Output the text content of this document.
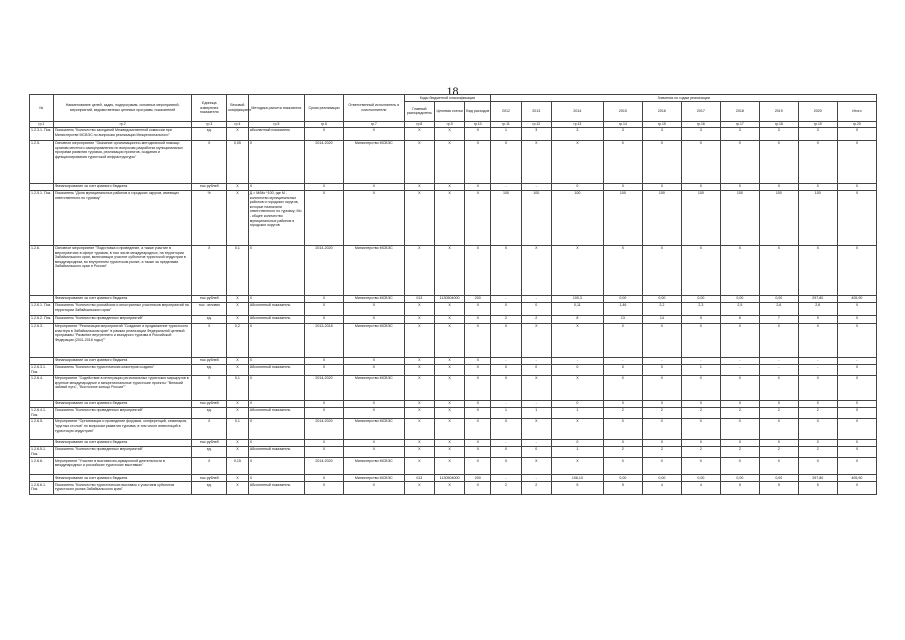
18
№	Наименование целей, задач, подпрограмм, основных мероприятий, мероприятий, ведомственных целевых программ, показателей	Единица измерения показателя	Весовой коэффициент	Методика расчета показателя	Сроки реализации	Ответственный исполнитель и соисполнители	Коды бюджетной классификации			Значения по годам реализации									
							Главный распорядитель	Целевая статья	Вид расходов	2012	2013	2014	2015	2016	2017	2018	2019	2020	Итого
гр.1	гр.2	гр.3	гр.4	гр.5	гр.6	гр.7	гр.8	гр.9	гр.10	гр.11	гр.12	гр.13	гр.14	гр.15	гр.16	гр.17	гр.18	гр.19	гр.20
1.2.3.1. Пок.	Показатель "Количество заседаний Межведомственной комиссии при Министерстве МСВЭС по вопросам реализации Межрегионального"	ед.	X	абсолютный показатель	X	X	X	X	X	1	3	3	3	3	3	3	3	3	X
1.2.5.	Основное мероприятие "Оказание организационно-методической помощи органам местного самоуправления по вопросам разработки муниципальных программ развития туризма, реализации проектов, создания и функционирования туристской инфраструктуры"	X	0,05	X	2014-2020	Министерство МСВЭС	X	X	X	X	X	X	X	X	X	X	X	X	X
	Финансирование за счет краевого бюджета	тыс.рублей	X	X	X	X	X	X	X	-	-	0	0	0	0	0	0	0	0
1.2.5.1. Пок.	Показатель "Доля муниципальных районов и городских округов, имеющих ответственного по туризму"	%	X	Д = M/Mо *100, где M - количество муниципальных районов и городских округов, которые назначили ответственного по туризму; Mо - общее количество муниципальных районов и городских округов	X	X	X	X	X	100	100	100	100	100	100	100	100	100	X
1.2.6.	Основное мероприятие "Подготовка и проведение, а также участие в мероприятиях в сфере туризма, в том числе международных, на территории Забайкальского края, включающих участие субъектов туристской индустрии в международном, во внутреннем туристском рынке, а также за пределами Забайкальского края и России"	X	0,1	X	2014-2020	Министерство МСВЭС	X	X	X	X	X	X	X	X	X	X	X	X	X
	Финансирование за счет краевого бюджета	тыс.рублей	X	X	X	Министерство МСВЭС	013	1130504000	200	-	-	100,3	0,00	0,00	0,00	0,00	0,00	297,80	405,90
1.2.6.1. Пок.	Показатель "Количество российских и иностранных участников мероприятий на территории Забайкальского края"	тыс. человек	X	Абсолютный показатель	X	X	X	X	X	0	0	0,11	1,46	2,2	2,3	2,5	2,6	2,6	X
1.2.6.2. Пок.	Показатель "Количество проведенных мероприятий"	ед.	X	Абсолютный показатель	X	X	X	X	X	2	2	8	13	14	5	6	7	9	X
1.2.6.3.	Мероприятие "Реализация мероприятий "Создание и продвижение туристского кластера в Забайкальском крае" в рамках реализации Федеральной целевой программы "Развитие внутреннего и въездного туризма в Российской Федерации (2011-2018 годы)""	X	0,2	X	2013-2018	Министерство МСВЭС	X	X	X	X	X	X	X	X	X	X	X	X	X
	Финансирование за счет краевого бюджета	тыс.рублей	X	X	X	X	X	X	X	-	-	-	-	-	-	-	-	-	-
1.2.6.3.1. Пок.	Показатель "Количество туристических кластеров создано"	ед.	X	Абсолютный показатель	X	X	X	X	X	0	0	0	0	0	1	-	-	-	X
1.2.6.4.	Мероприятие "Содействие в интеграции региональных туристских маршрутов в крупные международные и межрегиональные туристские проекты: "Великий чайный путь", "Восточное кольцо России""	X	0,1	X	2014-2020	Министерство МСВЭС	X	X	X	X	X	X	X	X	X	X	X	X	X
	Финансирование за счет краевого бюджета	тыс.рублей	X	X	X	X	X	X	X	-	-	0	0	0	0	0	0	0	0
1.2.6.4.1. Пок.	Показатель "Количество проведенных мероприятий"	ед.	X	Абсолютный показатель	X	X	X	X	X	1	1	1	2	2	2	2	2	2	X
1.2.6.5.	Мероприятие "Организация и проведение форумов, конференций, семинаров, "круглых столов" по вопросам развития туризма, в том числе инвестиций в туристскую индустрию"	X	0,1	X	2014-2020	Министерство МСВЭС	X	X	X	X	X	X	X	X	X	X	X	X	X
	Финансирование за счет краевого бюджета	тыс.рублей	X	X	X	X	X	X	X	-	-	0	0	0	0	0	0	0	0
1.2.6.5.1. Пок.	Показатель "Количество проведенных мероприятий"	ед.	X	Абсолютный показатель	X	X	X	X	X	0	0	1	2	2	2	2	2	2	X
1.2.6.6.	Мероприятие "Участие в выставочно-ярмарочной деятельности в международных и российских туристских выставках"	X	0,15	X	2014-2020	Министерство МСВЭС	X	X	X	X	X	X	X	X	X	X	X	X	X
	Финансирование за счет краевого бюджета	тыс.рублей	X	X	X	Министерство МСВЭС	013	1130504000	200	-	-	108,10	0,00	0,00	0,00	0,00	0,00	297,80	405,90
1.2.6.6.1. Пок.	Показатель "Количество туристических выставок с участием субъектов туристского рынка Забайкальского края"	ед.	X	Абсолютный показатель	X	X	X	X	X	2	2	5	5	4	4	5	5	5	X
